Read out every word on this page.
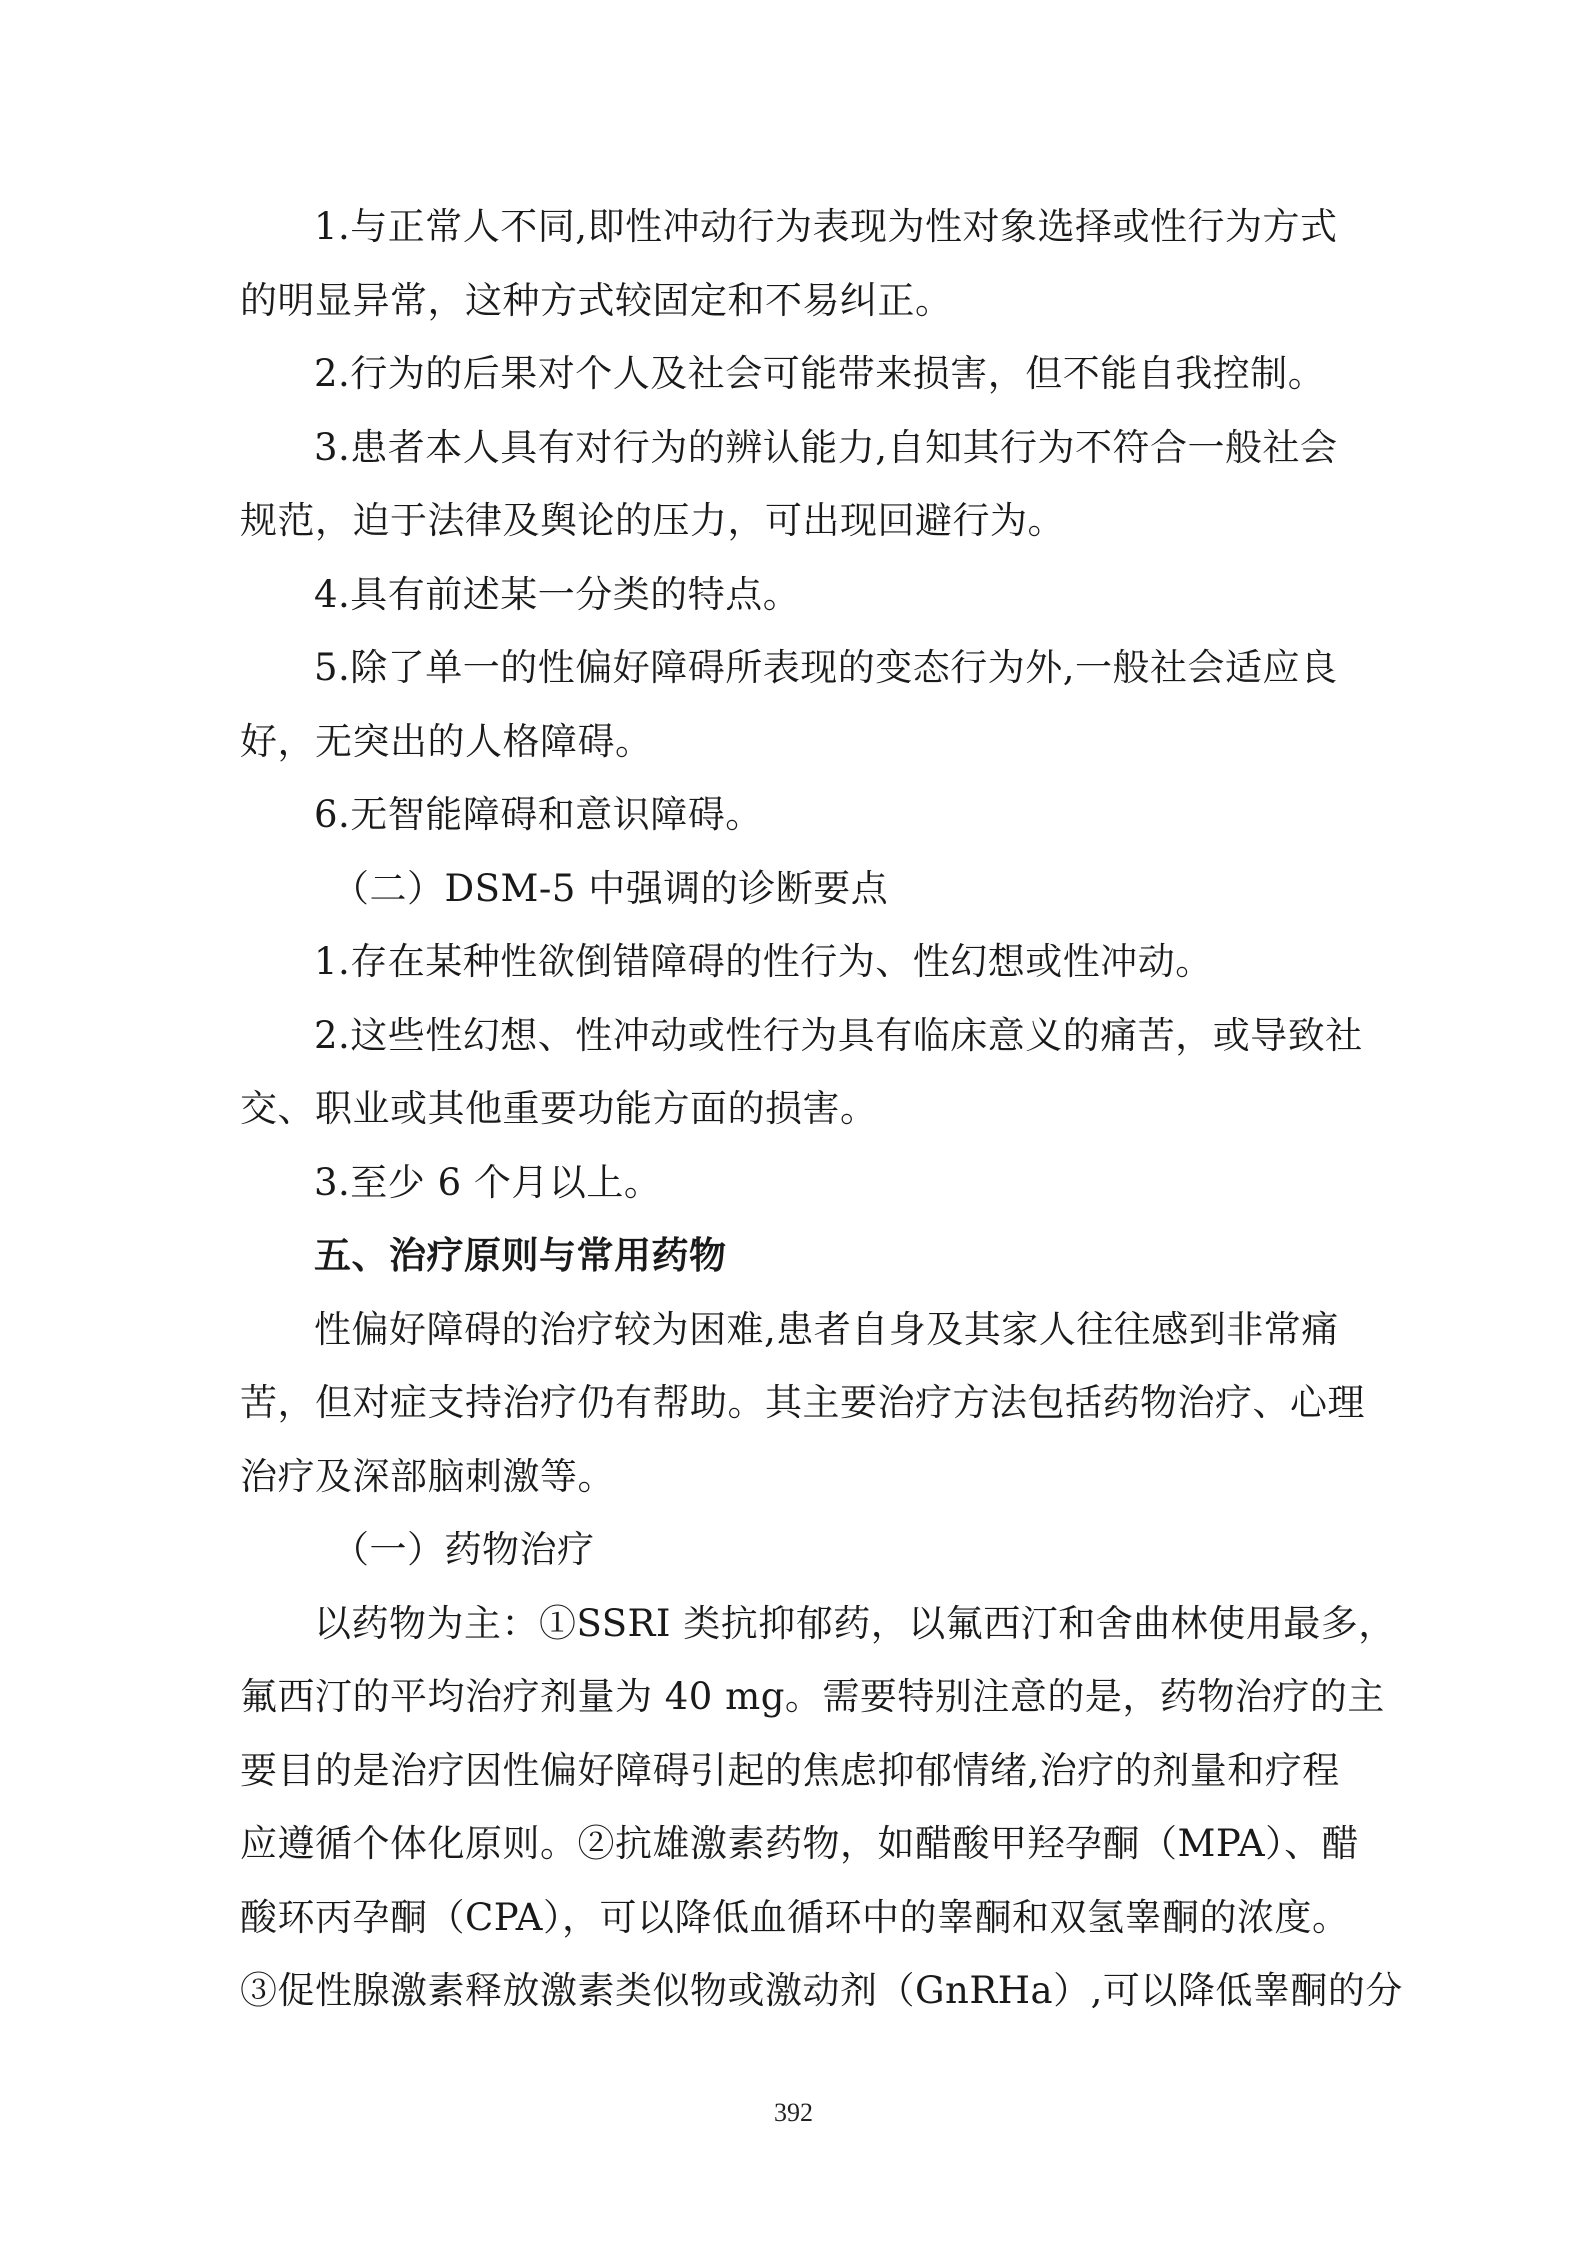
1.与正常人不同,即性冲动行为表现为性对象选择或性行为方式
的明显异常，这种方式较固定和不易纠正。
2.行为的后果对个人及社会可能带来损害，但不能自我控制。
3.患者本人具有对行为的辨认能力,自知其行为不符合一般社会
规范，迫于法律及舆论的压力，可出现回避行为。
4.具有前述某一分类的特点。
5.除了单一的性偏好障碍所表现的变态行为外,一般社会适应良
好，无突出的人格障碍。
6.无智能障碍和意识障碍。
（二）DSM-5 中强调的诊断要点
1.存在某种性欲倒错障碍的性行为、性幻想或性冲动。
2.这些性幻想、性冲动或性行为具有临床意义的痛苦，或导致社
交、职业或其他重要功能方面的损害。
3.至少 6 个月以上。
五、治疗原则与常用药物
性偏好障碍的治疗较为困难,患者自身及其家人往往感到非常痛
苦，但对症支持治疗仍有帮助。其主要治疗方法包括药物治疗、心理
治疗及深部脑刺激等。
（一）药物治疗
以药物为主：①SSRI 类抗抑郁药，以氟西汀和舍曲林使用最多，
氟西汀的平均治疗剂量为 40 mg。需要特别注意的是，药物治疗的主
要目的是治疗因性偏好障碍引起的焦虑抑郁情绪,治疗的剂量和疗程
应遵循个体化原则。②抗雄激素药物，如醋酸甲羟孕酮（MPA）、醋
酸环丙孕酮（CPA），可以降低血循环中的睾酮和双氢睾酮的浓度。
③促性腺激素释放激素类似物或激动剂（GnRHa）,可以降低睾酮的分
392
